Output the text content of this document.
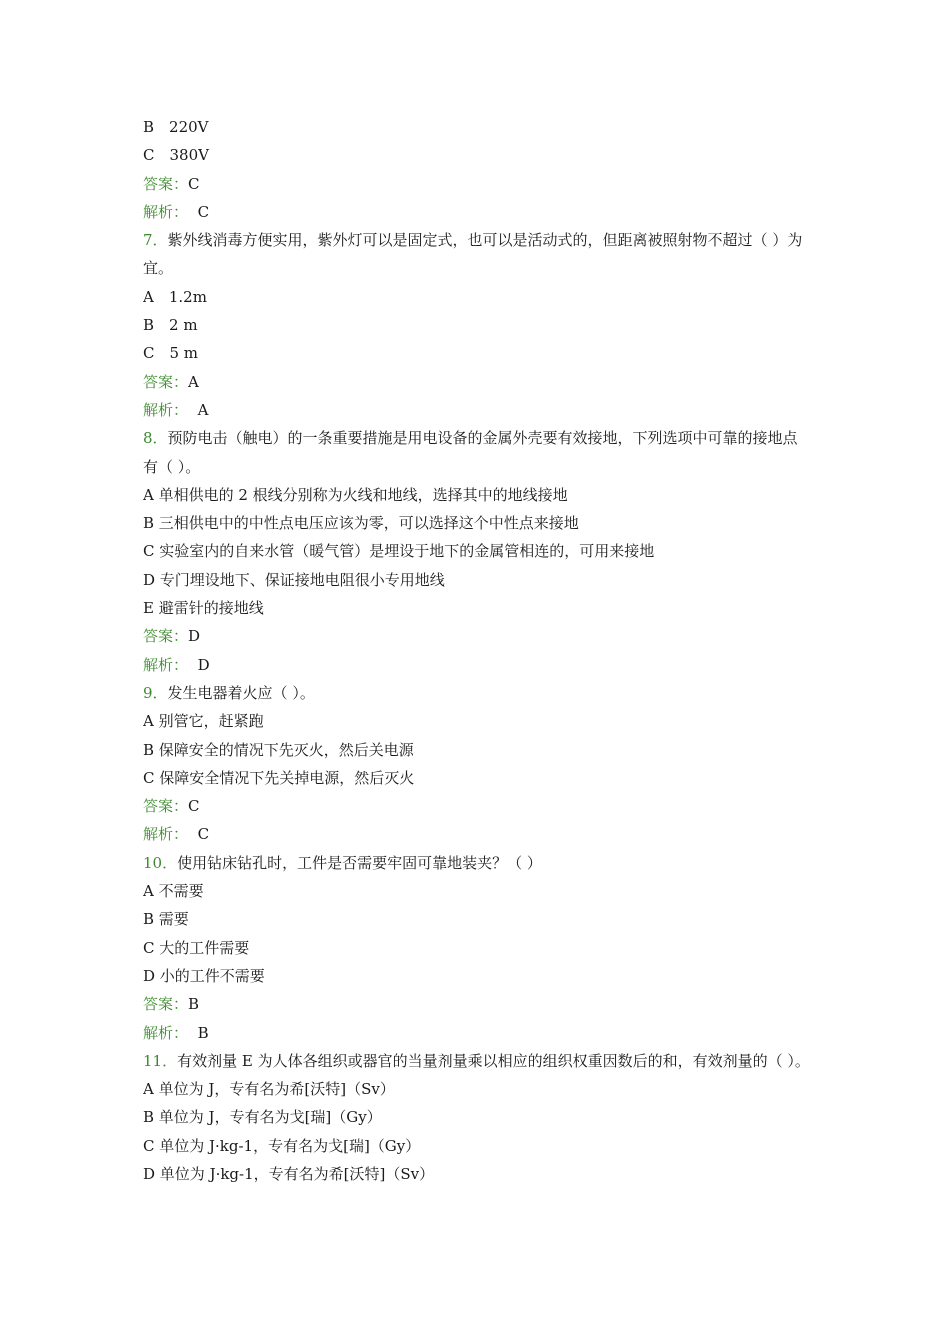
B　220V
C　380V
答案：C
解析： C
7．紫外线消毒方便实用，紫外灯可以是固定式，也可以是活动式的，但距离被照射物不超过（ ）为宜。
A　1.2m
B　2 m
C　5 m
答案：A
解析： A
8．预防电击（触电）的一条重要措施是用电设备的金属外壳要有效接地，下列选项中可靠的接地点有（ ）。
A 单相供电的 2 根线分别称为火线和地线，选择其中的地线接地
B 三相供电中的中性点电压应该为零，可以选择这个中性点来接地
C 实验室内的自来水管（暖气管）是埋设于地下的金属管相连的，可用来接地
D 专门埋设地下、保证接地电阻很小专用地线
E 避雷针的接地线
答案：D
解析： D
9．发生电器着火应（ ）。
A 别管它，赶紧跑
B 保障安全的情况下先灭火，然后关电源
C 保障安全情况下先关掉电源，然后灭火
答案：C
解析： C
10．使用钻床钻孔时，工件是否需要牢固可靠地装夹？（ ）
A 不需要
B 需要
C 大的工件需要
D 小的工件不需要
答案：B
解析： B
11．有效剂量 E 为人体各组织或器官的当量剂量乘以相应的组织权重因数后的和，有效剂量的（ ）。
A 单位为 J，专有名为希[沃特]（Sv）
B 单位为 J，专有名为戈[瑞]（Gy）
C 单位为 J·kg-1，专有名为戈[瑞]（Gy）
D 单位为 J·kg-1，专有名为希[沃特]（Sv）
